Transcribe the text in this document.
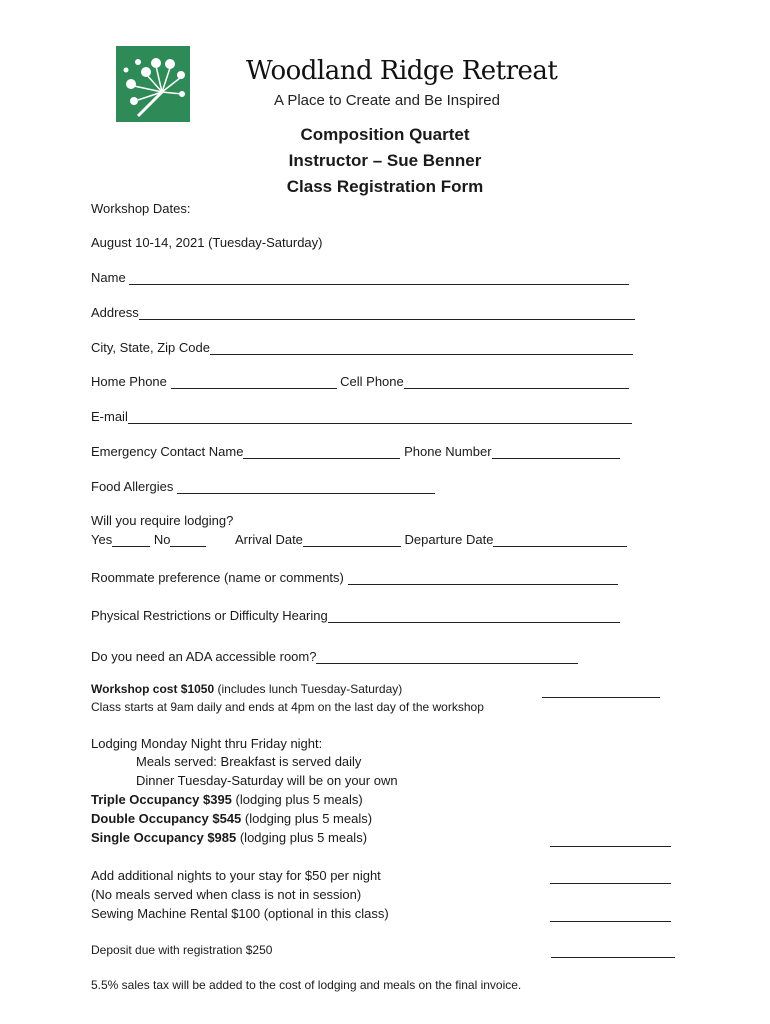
Woodland Ridge Retreat
A Place to Create and Be Inspired
Composition Quartet
Instructor – Sue Benner
Class Registration Form
Workshop Dates:
August 10-14, 2021 (Tuesday-Saturday)
Name
Address
City, State, Zip Code
Home Phone	Cell Phone
E-mail
Emergency Contact Name	Phone Number
Food Allergies
Will you require lodging?
Yes	No	Arrival Date	Departure Date
Roommate preference (name or comments)
Physical Restrictions or Difficulty Hearing
Do you need an ADA accessible room?
Workshop cost $1050 (includes lunch Tuesday-Saturday)
Class starts at 9am daily and ends at 4pm on the last day of the workshop
Lodging Monday Night thru Friday night:
Meals served: Breakfast is served daily
Dinner Tuesday-Saturday will be on your own
Triple Occupancy $395 (lodging plus 5 meals)
Double Occupancy $545 (lodging plus 5 meals)
Single Occupancy $985 (lodging plus 5 meals)
Add additional nights to your stay for $50 per night
(No meals served when class is not in session)
Sewing Machine Rental $100 (optional in this class)
Deposit due with registration $250
5.5% sales tax will be added to the cost of lodging and meals on the final invoice.
